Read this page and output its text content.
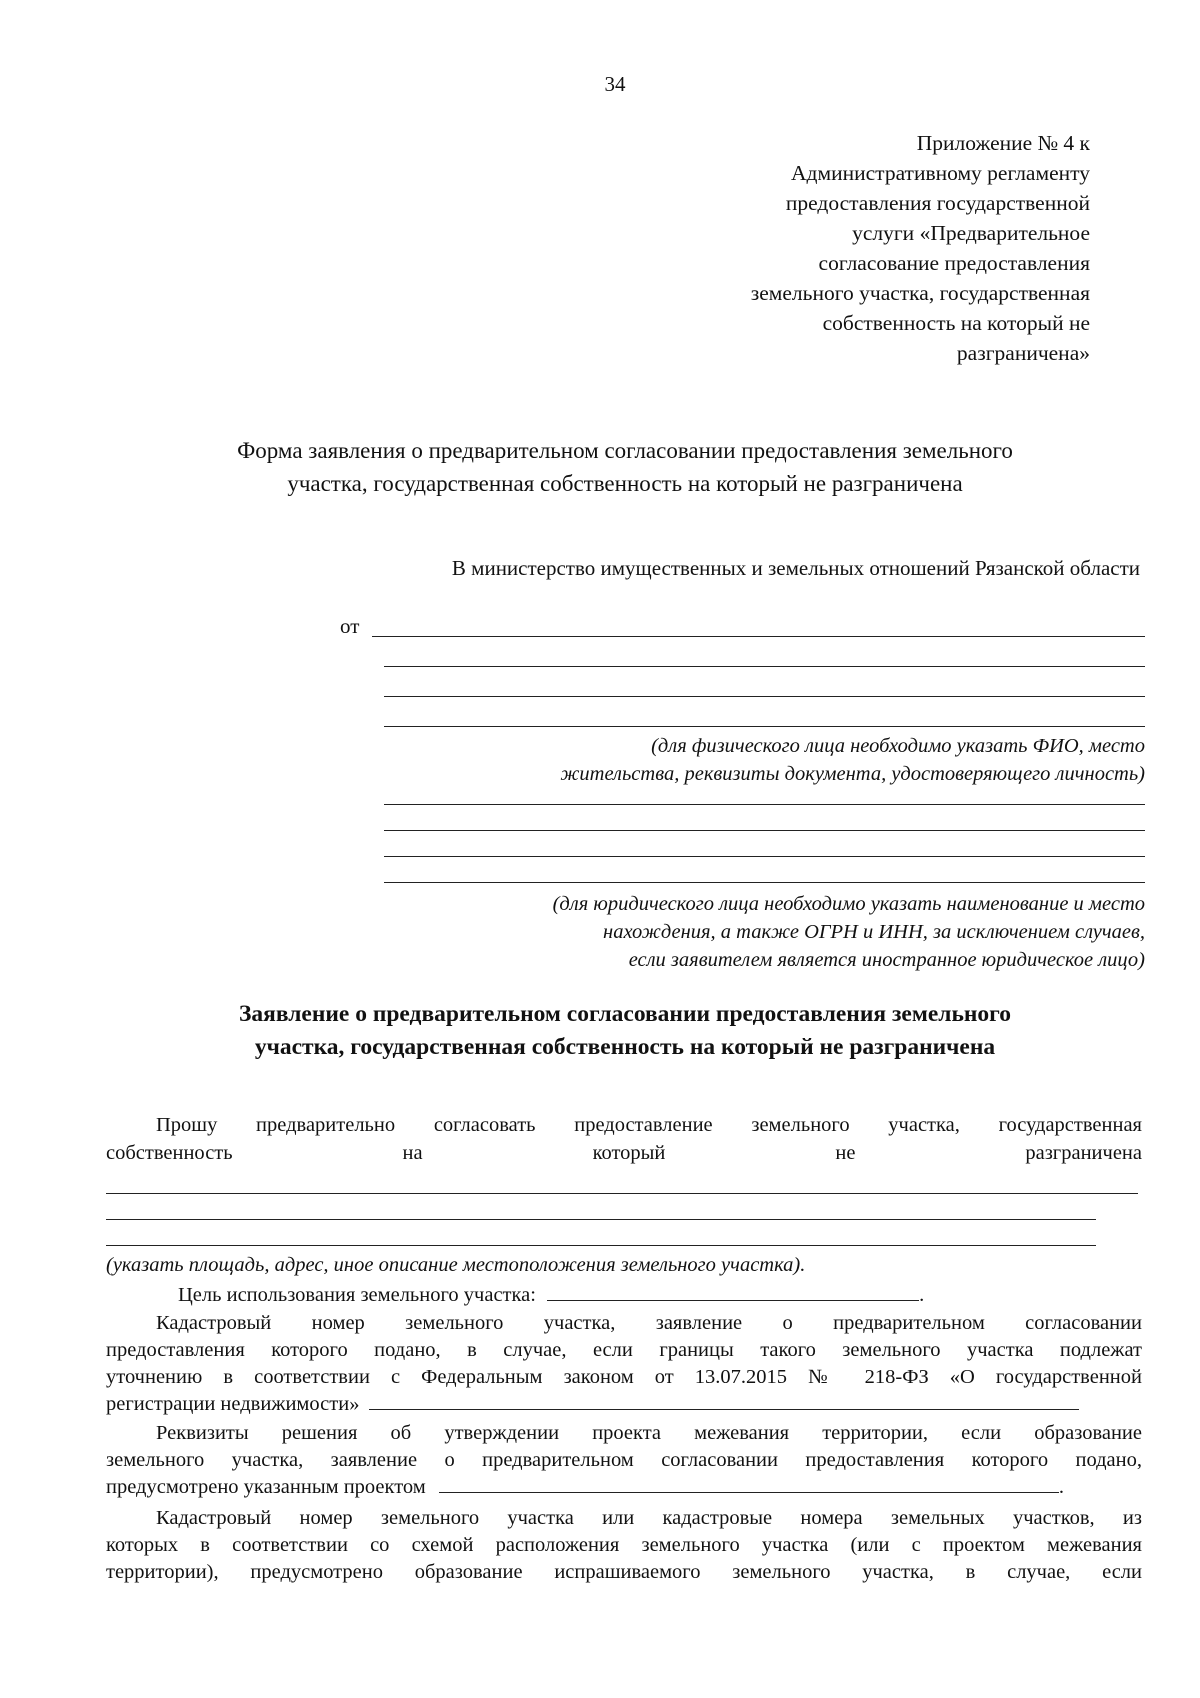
34
Приложение № 4 к
Административному регламенту
предоставления государственной
услуги «Предварительное
согласование предоставления
земельного участка, государственная
собственность на который не
разграничена»
Форма заявления о предварительном согласовании предоставления земельного
участка, государственная собственность на который не разграничена
В министерство имущественных и земельных отношений Рязанской области
от
(для физического лица необходимо указать ФИО, место
жительства, реквизиты документа, удостоверяющего личность)
(для юридического лица необходимо указать наименование и место
нахождения, а также ОГРН и ИНН, за исключением случаев,
если заявителем является иностранное юридическое лицо)
Заявление о предварительном согласовании предоставления земельного
участка, государственная собственность на который не разграничена
Прошу предварительно согласовать предоставление земельного участка, государственная
собственность	на	который	не	разграничена
(указать площадь, адрес, иное описание местоположения земельного участка).
Цель использования земельного участка:	.
Кадастровый номер земельного участка, заявление о предварительном согласовании
предоставления которого подано, в случае, если границы такого земельного участка подлежат
уточнению в соответствии с Федеральным законом от 13.07.2015 № 218-ФЗ «О государственной
регистрации недвижимости»
Реквизиты решения об утверждении проекта межевания территории, если образование
земельного участка, заявление о предварительном согласовании предоставления которого подано,
предусмотрено указанным проектом	.
Кадастровый номер земельного участка или кадастровые номера земельных участков, из
которых в соответствии со схемой расположения земельного участка (или с проектом межевания
территории), предусмотрено образование испрашиваемого земельного участка, в случае, если
